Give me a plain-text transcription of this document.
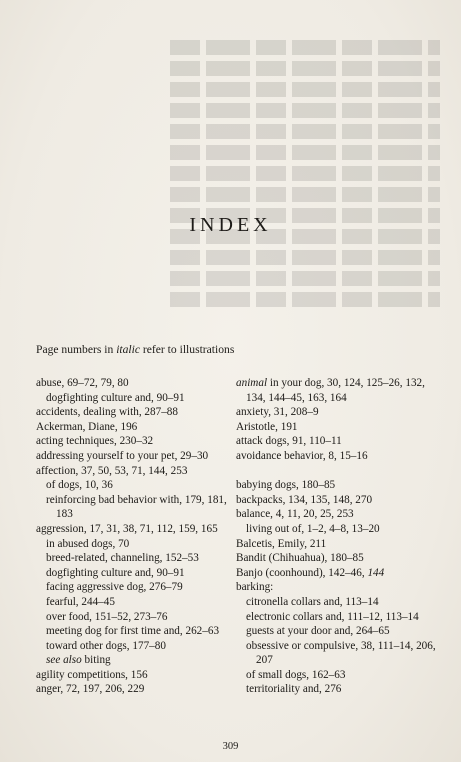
INDEX
Page numbers in italic refer to illustrations
abuse, 69–72, 79, 80
dogfighting culture and, 90–91
accidents, dealing with, 287–88
Ackerman, Diane, 196
acting techniques, 230–32
addressing yourself to your pet, 29–30
affection, 37, 50, 53, 71, 144, 253
of dogs, 10, 36
reinforcing bad behavior with, 179, 181, 183
aggression, 17, 31, 38, 71, 112, 159, 165
in abused dogs, 70
breed-related, channeling, 152–53
dogfighting culture and, 90–91
facing aggressive dog, 276–79
fearful, 244–45
over food, 151–52, 273–76
meeting dog for first time and, 262–63
toward other dogs, 177–80
see also biting
agility competitions, 156
anger, 72, 197, 206, 229
animal in your dog, 30, 124, 125–26, 132, 134, 144–45, 163, 164
anxiety, 31, 208–9
Aristotle, 191
attack dogs, 91, 110–11
avoidance behavior, 8, 15–16
babying dogs, 180–85
backpacks, 134, 135, 148, 270
balance, 4, 11, 20, 25, 253
living out of, 1–2, 4–8, 13–20
Balcetis, Emily, 211
Bandit (Chihuahua), 180–85
Banjo (coonhound), 142–46, 144
barking:
citronella collars and, 113–14
electronic collars and, 111–12, 113–14
guests at your door and, 264–65
obsessive or compulsive, 38, 111–14, 206, 207
of small dogs, 162–63
territoriality and, 276
309
